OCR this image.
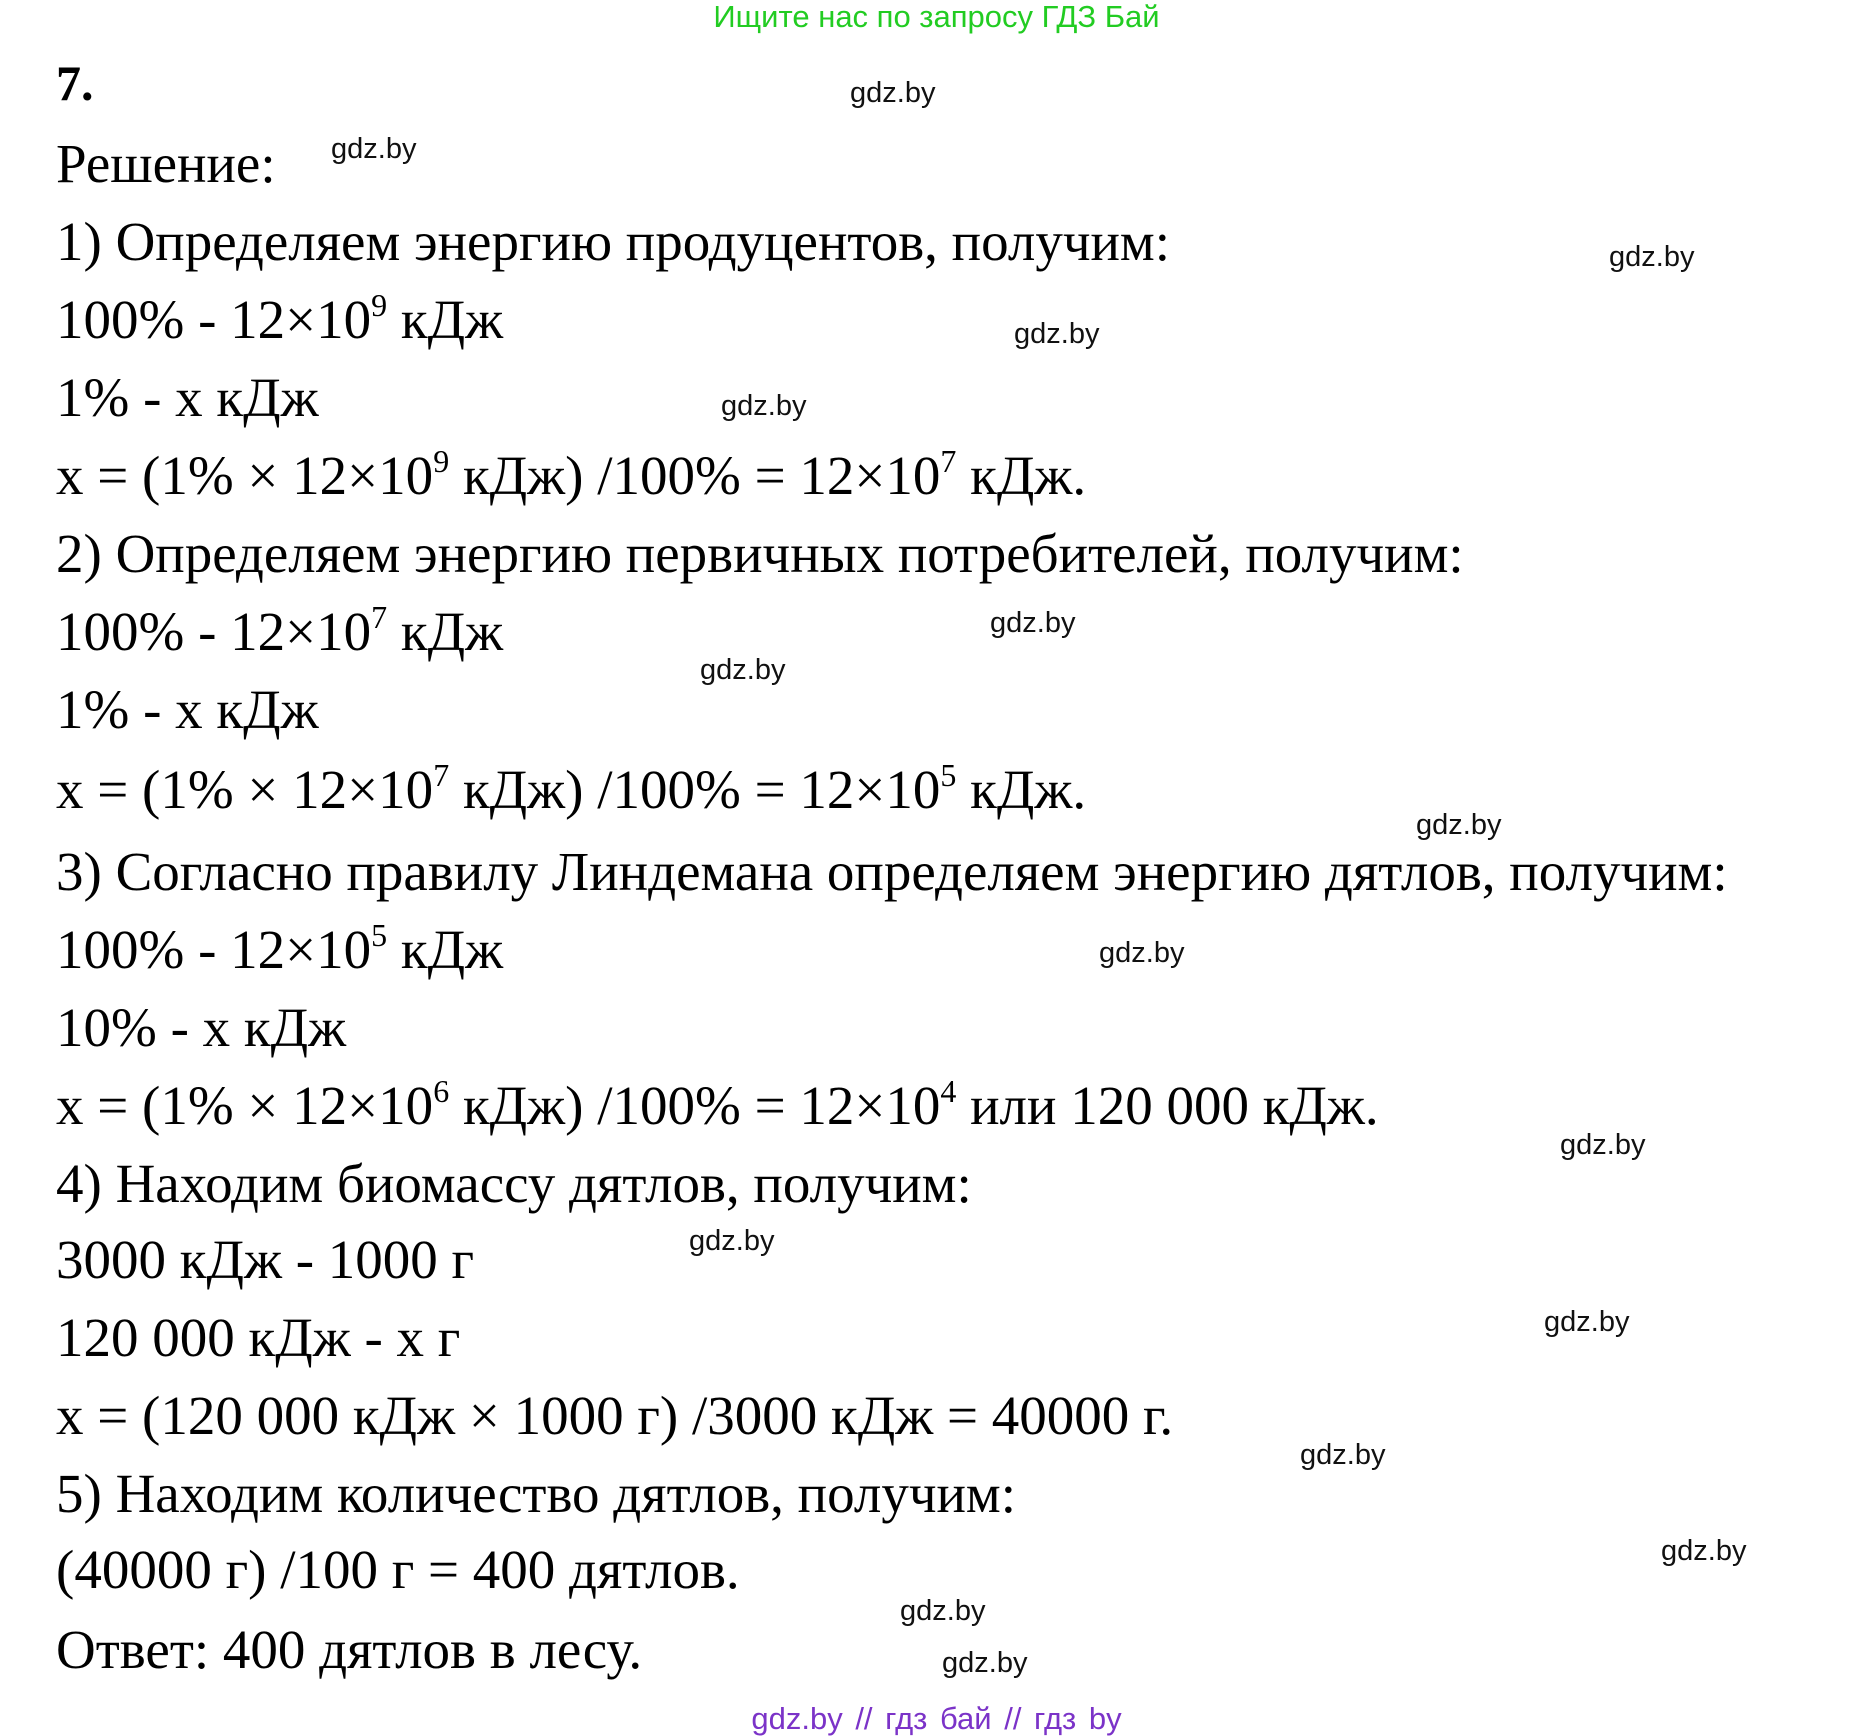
Ищите нас по запросу ГДЗ Бай
7.
Решение:
1) Определяем энергию продуцентов, получим:
$100\% - 12\times 10^9$ кДж
1% - х кДж
$х = (1\% \times 12\times 10^9$ кДж) $/100\% = 12\times 10^7$ кДж.
2) Определяем энергию первичных потребителей, получим:
$100\% - 12\times 10^7$ кДж
1% - х кДж
$х = (1\% \times 12\times 10^7$ кДж) $/100\% = 12\times 10^5$ кДж.
3) Согласно правилу Линдемана определяем энергию дятлов, получим:
$100\% - 12\times 10^5$ кДж
10% - х кДж
$х = (1\% \times 12\times 10^6$ кДж) $/100\% = 12\times 10^4$ или 120 000 кДж.
4) Находим биомассу дятлов, получим:
3000 кДж - 1000 г
120 000 кДж - х г
х = (120 000 кДж × 1000 г) /3000 кДж = 40000 г.
5) Находим количество дятлов, получим:
(40000 г) /100 г = 400 дятлов.
Ответ: 400 дятлов в лесу.
gdz.by
gdz.by
gdz.by
gdz.by
gdz.by
gdz.by
gdz.by
gdz.by
gdz.by
gdz.by
gdz.by
gdz.by
gdz.by
gdz.by
gdz.by
gdz.by
gdz.by // гдз бай // гдз by
